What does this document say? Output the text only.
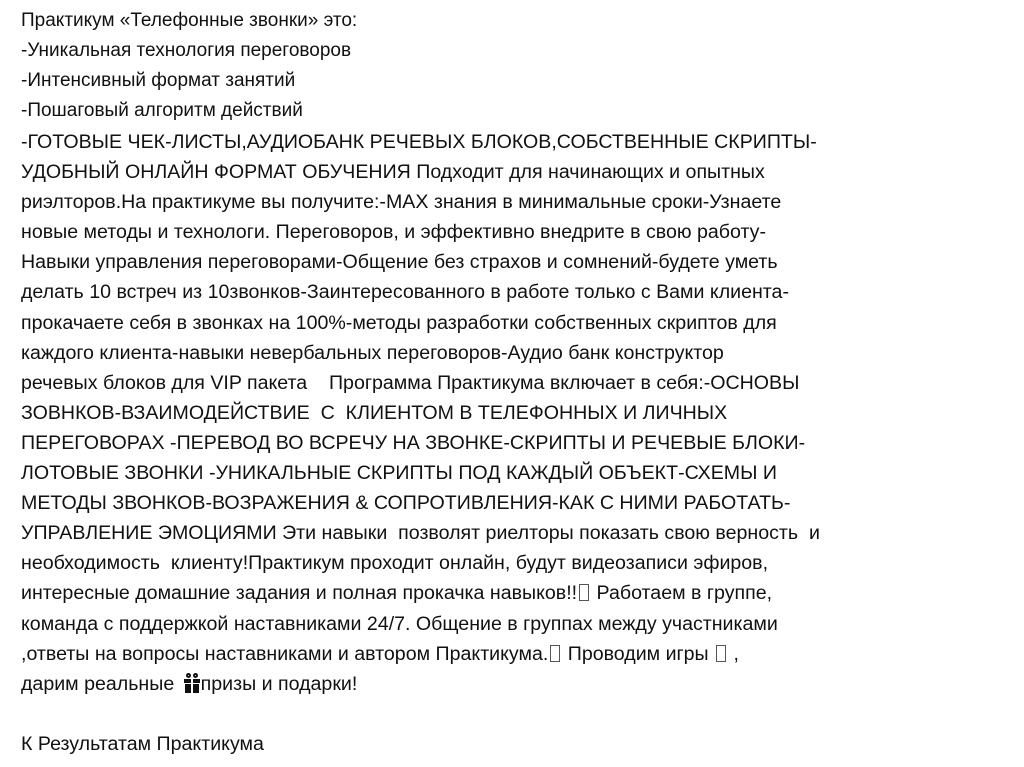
Практикум «Телефонные звонки» это:
-Уникальная технология переговоров
-Интенсивный формат занятий
-Пошаговый алгоритм действий
-ГОТОВЫЕ ЧЕК-ЛИСТЫ,АУДИОБАНК РЕЧЕВЫХ БЛОКОВ,СОБСТВЕННЫЕ СКРИПТЫ-
УДОБНЫЙ ОНЛАЙН ФОРМАТ ОБУЧЕНИЯ Подходит для начинающих и опытных
риэлторов.На практикуме вы получите:-MAX знания в минимальные сроки-Узнаете
новые методы и технологи. Переговоров, и эффективно внедрите в свою работу-
Навыки управления переговорами-Общение без страхов и сомнений-будете уметь
делать 10 встреч из 10звонков-Заинтересованного в работе только с Вами клиента-
прокачаете себя в звонках на 100%-методы разработки собственных скриптов для
каждого клиента-навыки невербальных переговоров-Аудио банк конструктор
речевых блоков для VIP пакета    Программа Практикума включает в себя:-ОСНОВЫ
ЗОВНКОВ-ВЗАИМОДЕЙСТВИЕ  С  КЛИЕНТОМ В ТЕЛЕФОННЫХ И ЛИЧНЫХ
ПЕРЕГОВОРАХ -ПЕРЕВОД ВО ВСРЕЧУ НА ЗВОНКЕ-СКРИПТЫ И РЕЧЕВЫЕ БЛОКИ-
ЛОТОВЫЕ ЗВОНКИ -УНИКАЛЬНЫЕ СКРИПТЫ ПОД КАЖДЫЙ ОБЪЕКТ-СХЕМЫ И
МЕТОДЫ ЗВОНКОВ-ВОЗРАЖЕНИЯ & СОПРОТИВЛЕНИЯ-КАК С НИМИ РАБОТАТЬ-
УПРАВЛЕНИЕ ЭМОЦИЯМИ Эти навыки  позволят риелторы показать свою верность  и
необходимость  клиенту!Практикум проходит онлайн, будут видеозаписи эфиров,
интересные домашние задания и полная прокачка навыков!! Работаем в группе,
команда с поддержкой наставниками 24/7. Общение в группах между участниками
,ответы на вопросы наставниками и автором Практикума. Проводим игры  ,
дарим реальные
призы и подарки!
К Результатам Практикума
